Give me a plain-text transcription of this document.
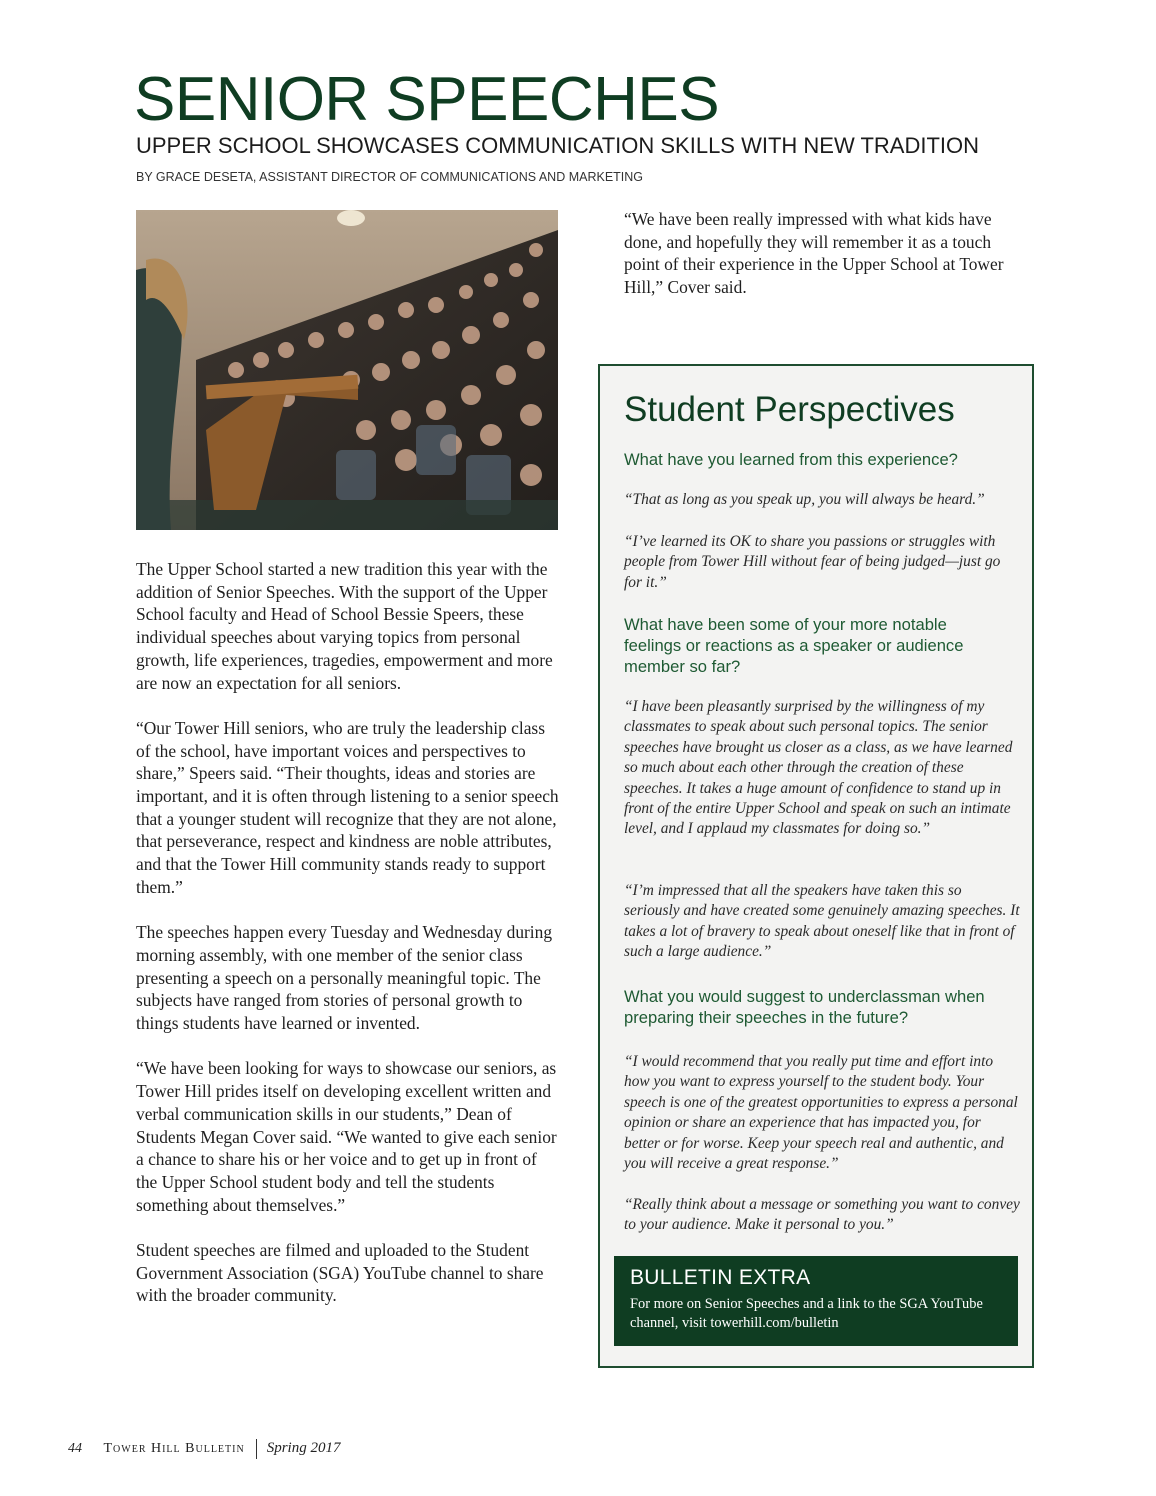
SENIOR SPEECHES
UPPER SCHOOL SHOWCASES COMMUNICATION SKILLS WITH NEW TRADITION
BY GRACE DESETA, ASSISTANT DIRECTOR OF COMMUNICATIONS AND MARKETING

The Upper School started a new tradition this year with the addition of Senior Speeches. With the support of the Upper School faculty and Head of School Bessie Speers, these individual speeches about varying topics from personal growth, life experiences, tragedies, empowerment and more are now an expectation for all seniors.

“Our Tower Hill seniors, who are truly the leadership class of the school, have important voices and perspectives to share,” Speers said. “Their thoughts, ideas and stories are important, and it is often through listening to a senior speech that a younger student will recognize that they are not alone, that perseverance, respect and kindness are noble attributes, and that the Tower Hill community stands ready to support them.”

The speeches happen every Tuesday and Wednesday during morning assembly, with one member of the senior class presenting a speech on a personally meaningful topic. The subjects have ranged from stories of personal growth to things students have learned or invented.

“We have been looking for ways to showcase our seniors, as Tower Hill prides itself on developing excellent written and verbal communication skills in our students,” Dean of Students Megan Cover said. “We wanted to give each senior a chance to share his or her voice and to get up in front of the Upper School student body and tell the students something about themselves.”

Student speeches are filmed and uploaded to the Student Government Association (SGA) YouTube channel to share with the broader community.

“We have been really impressed with what kids have done, and hopefully they will remember it as a touch point of their experience in the Upper School at Tower Hill,” Cover said.

Student Perspectives

What have you learned from this experience?

“That as long as you speak up, you will always be heard.”

“I’ve learned its OK to share you passions or struggles with people from Tower Hill without fear of being judged—just go for it.”

What have been some of your more notable feelings or reactions as a speaker or audience member so far?

“I have been pleasantly surprised by the willingness of my classmates to speak about such personal topics. The senior speeches have brought us closer as a class, as we have learned so much about each other through the creation of these speeches. It takes a huge amount of confidence to stand up in front of the entire Upper School and speak on such an intimate level, and I applaud my classmates for doing so.”

“I’m impressed that all the speakers have taken this so seriously and have created some genuinely amazing speeches. It takes a lot of bravery to speak about oneself like that in front of such a large audience.”

What you would suggest to underclassman when preparing their speeches in the future?

“I would recommend that you really put time and effort into how you want to express yourself to the student body. Your speech is one of the greatest opportunities to express a personal opinion or share an experience that has impacted you, for better or for worse. Keep your speech real and authentic, and you will receive a great response.”

“Really think about a message or something you want to convey to your audience. Make it personal to you.”

BULLETIN EXTRA

For more on Senior Speeches and a link to the SGA YouTube channel, visit towerhill.com/bulletin

44 Tower Hill Bulletin Spring 2017
